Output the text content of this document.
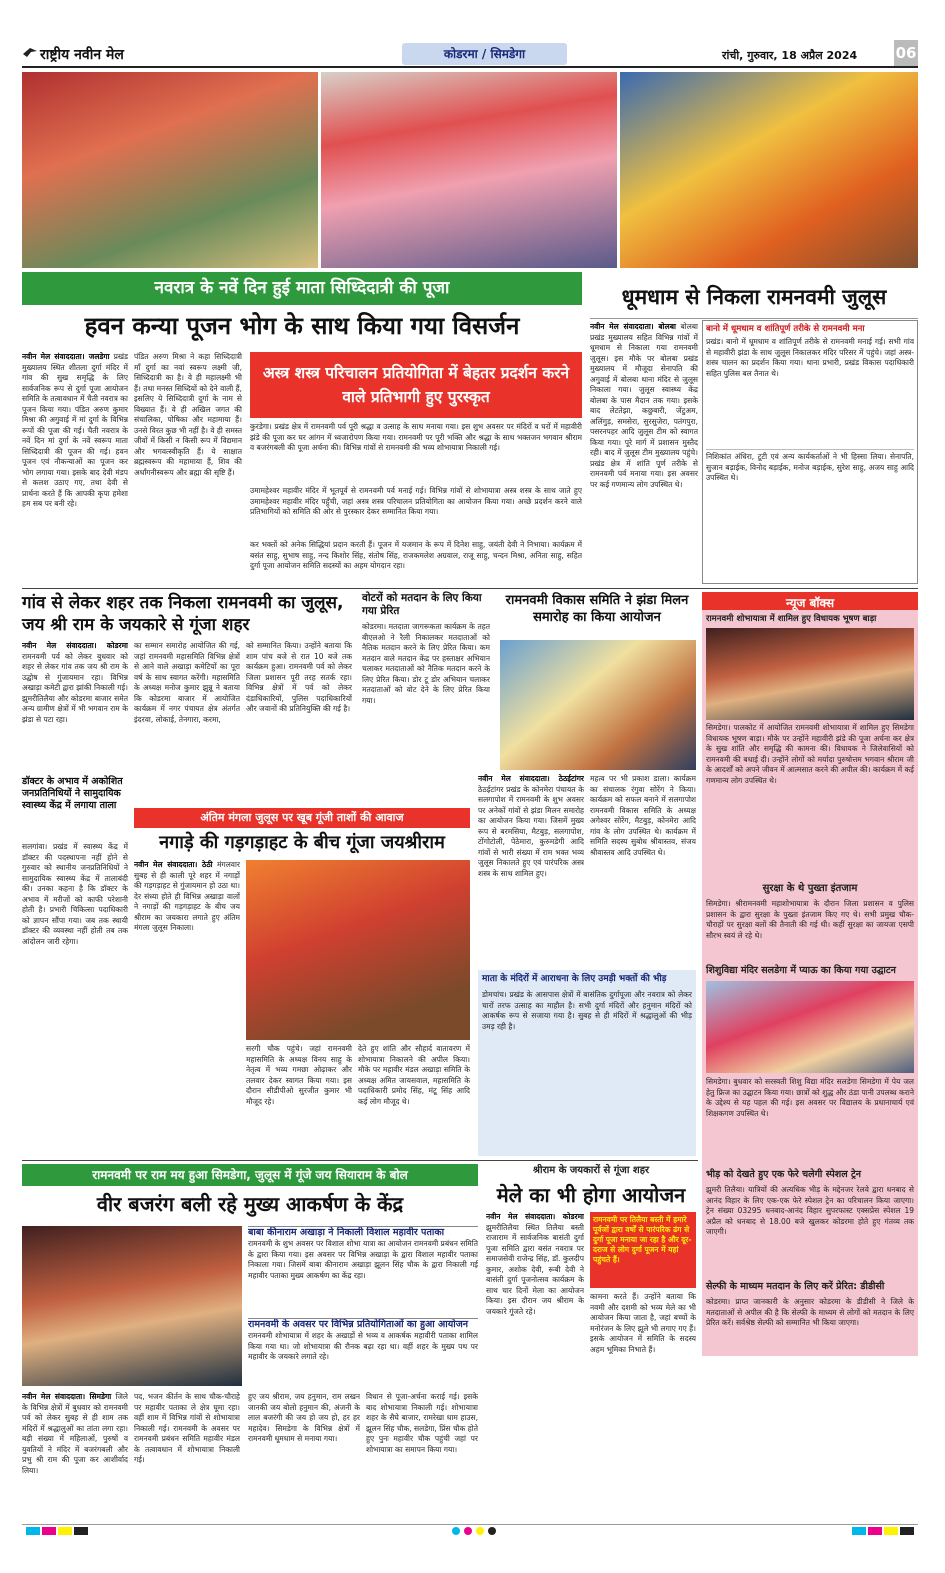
राष्ट्रीय नवीन मेल	कोडरमा / सिमडेगा	रांची, गुरुवार, 18 अप्रैल 2024	06
नवरात्र के नवें दिन हुई माता सिध्दिदात्री की पूजा
हवन कन्या पूजन भोग के साथ किया गया विसर्जन
नवीन मेल संवाददाता। जलडेगा प्रखंड मुख्यालय स्थित शीतला दुर्गा मंदिर में गांव की सुख समृद्धि के लिए सार्वजनिक रूप से दुर्गा पूजा आयोजन समिति के तत्वावधान में चैती नवरात्र का पूजन किया गया। पंडित अरुण कुमार मिश्रा की अगुवाई में मां दुर्गा के विभिन्न रूपों की पूजा की गई। चैती नवरात्र के नवें दिन मां दुर्गा के नवें स्वरूप माता सिध्दिदात्री की पूजन की गई। हवन पूजन एवं नौकन्याओं का पूजन कर भोग लगाया गया। इसके बाद देवी मंडप से कलश उठाए गए, तथा देवी से प्रार्थना करते हैं कि आपकी कृपा हमेशा हम सब पर बनी रहे।
पंडित अरुण मिश्रा ने कहा सिध्दिदात्री माँ दुर्गा का नवां स्वरूप लक्ष्मी जी, सिध्दिदात्री का है। वे ही महालक्ष्मी भी हैं। तथा मनस्त सिध्दियों को देने वाली हैं, इसलिए ये सिध्दिदात्री दुर्गा के नाम से विख्यात हैं। वे ही अखिल जगत की संचालिका, पोषिका और महामाया हैं। उनसे विरत कुछ भी नहीं है। वे ही समस्त जीवों में किसी न किसी रूप में विद्यमान और भगवत्स्वीकृति हैं। ये साक्षात ब्रह्मस्वरूप की महामाया हैं, शिव की अर्धांगनीस्वरूप और ब्रह्मा की सृष्टि हैं।
अस्त्र शस्त्र परिचालन प्रतियोगिता में बेहतर प्रदर्शन करने वाले प्रतिभागी हुए पुरस्कृत
कुरडेगा। प्रखंड क्षेत्र में रामनवमी पर्व पूरी श्रद्धा व उत्साह के साथ मनाया गया। इस शुभ अवसर पर मंदिरों व घरों में महावीरी झंडे की पूजा कर घर आंगन में ध्वजारोपण किया गया। रामनवमी पर पूरी भक्ति और श्रद्धा के साथ भक्तजन भगवान श्रीराम व बजरंगबली की पूजा अर्चना की। विभिन्न गांवों से रामनवमी की भव्य शोभायात्रा निकाली गई।
उमामहेश्वर महावीर मंदिर में भूतपूर्व से रामनवमी पर्व मनाई गई। विभिन्न गांवों से शोभायात्रा अस्त्र शस्त्र के साथ जाते हुए उमामहेश्वर महावीर मंदिर पहुँची, जहां अस्त्र शस्त्र परिचालन प्रतियोगिता का आयोजन किया गया। अच्छे प्रदर्शन करने वाले प्रतिभागियों को समिति की ओर से पुरस्कार देकर सम्मानित किया गया।
कर भक्तों को अनेक सिद्धियां प्रदान करती हैं। पूजन में यजमान के रूप में दिनेश साहु, जयंती देवी ने निभाया। कार्यक्रम में बसंत साहु, सुभाष साहु, नन्द किशोर सिंह, संतोष सिंह, राजकमलेश अग्रवाल, राजू साहु, चन्दन मिश्रा, अनिता साहु, सहित दुर्गा पूजा आयोजन समिति सदस्यों का अहम योगदान रहा।
धूमधाम से निकला रामनवमी जुलूस
नवीन मेल संवाददाता। बोलबा बोलबा प्रखंड मुख्यालय सहित विभिन्न गांवों में धूमधाम से निकाला गया रामनवमी जुलूस। इस मौके पर बोलबा प्रखंड मुख्यालय में मौजूदा सेनापति की अगुवाई में बोलबा थाना मंदिर से जुलूस निकाला गया। जुलूस स्वास्थ्य केंद्र बोलबा के पास मैदान तक गया। इसके बाद लेटतेझा, कछुबारी, जेंटुअम, अलिंगुड़, समसेरा, सुरसुजेरा, पतंगपुरा, पसरनपहर आदि जुलूस टीम को स्वागत किया गया। पूरे मार्ग में प्रशासन मुस्तैद रही। बाद में जुलूस टीम मुख्यालय पहुंचे। प्रखंड क्षेत्र में शांति पूर्ण तरीके से रामनवमी पर्व मनाया गया। इस अवसर पर कई गणमान्य लोग उपस्थित थे।
बानो में धूमधाम व शांतिपूर्ण तरीके से रामनवमी मना
प्रखंड। बानो में धूमधाम व शांतिपूर्ण तरीके से रामनवमी मनाई गई। सभी गांव से महावीरी झंडा के साथ जुलूस निकालकर मंदिर परिसर में पहुंचे। जहां अस्त्र-शस्त्र चालन का प्रदर्शन किया गया। थाना प्रभारी, प्रखंड विकास पदाधिकारी सहित पुलिस बल तैनात थे।
निशिकांत अंधिरा, टूटी एवं अन्य कार्यकर्ताओं ने भी हिस्सा लिया। सेनापति, सुजान बड़ाईक, विनोद बड़ाईक, मनोज बड़ाईक, सुरेश साहु, अजय साहु आदि उपस्थित थे।
गांव से लेकर शहर तक निकला रामनवमी का जुलूस, जय श्री राम के जयकारे से गूंजा शहर
नवीन मेल संवाददाता। कोडरमा रामनवमी पर्व को लेकर बुधवार को शहर से लेकर गांव तक जय श्री राम के उद्घोष से गुंजायमान रहा। विभिन्न अखाड़ा कमेटी द्वारा झांकी निकाली गई। झुमरीतिलैया और कोडरमा बाजार समेत अन्य ग्रामीण क्षेत्रों में भी भगवान राम के झंडा से पटा रहा।
का सम्मान समारोह आयोजित की गई, जहां रामनवमी महासमिति विभिन्न क्षेत्रों से आने वाले अखाड़ा कमेटियों का पूरा वर्ष के साथ स्वागत करेंगी। महासमिति के अध्यक्ष मनोज कुमार झुन्नू ने बताया कि कोडरमा बाजार में आयोजित कार्यक्रम में नगर पंचायत क्षेत्र अंतर्गत इंदरवा, लोकाई, तेनगारा, करमा,
को सम्मानित किया। उन्होंने बताया कि शाम पांच बजे से रात 10 बजे तक कार्यक्रम हुआ। रामनवमी पर्व को लेकर जिला प्रशासन पूरी तरह सतर्क रहा। विभिन्न क्षेत्रों में पर्व को लेकर दंडाधिकारियों, पुलिस पदाधिकारियों और जवानों की प्रतिनियुक्ति की गई है।
वोटरों को मतदान के लिए किया गया प्रेरित
कोडरमा। मतदाता जागरूकता कार्यक्रम के तहत बीएलओ ने रैली निकालकर मतदाताओं को नैतिक मतदान करने के लिए प्रेरित किया। कम मतदान वाले मतदान केंद्र पर हस्ताक्षर अभियान चलाकर मतदाताओं को नैतिक मतदान करने के लिए प्रेरित किया। डोर टू डोर अभियान चलाकर मतदाताओं को वोट देने के लिए प्रेरित किया गया।
रामनवमी विकास समिति ने झंडा मिलन समारोह का किया आयोजन
नवीन मेल संवाददाता। ठेठईटांगर ठेठईटांगर प्रखंड के कोनमेरा पंचायत के सलगापोश में रामनवमी के शुभ अवसर पर अनेकों गांवों से झंडा मिलन समारोह का आयोजन किया गया। जिसमें मुख्य रूप से बरमसिया, मैटबुड़, सलगापोश, टोंगोटोली, पेठेमारा, कुरुमडेगी आदि गांवों से भारी संख्या में राम भक्त भव्य जुलूस निकालते हुए एवं पारंपरिक अस्त्र शस्त्र के साथ शामिल हुए।
महत्व पर भी प्रकाश डाला। कार्यक्रम का संचालक रंगुवा सोरेंग ने किया। कार्यक्रम को सफल बनाने में सलगापोश रामनवमी विकास समिति के अध्यक्ष अगेश्वर सोरेंग, मैटबुड़, कोनमेरा आदि गांव के लोग उपस्थित थे। कार्यक्रम में समिति सदस्य सुबोध श्रीवास्तव, संजय श्रीवास्तव आदि उपस्थित थे।
न्यूज बॉक्स
रामनवमी शोभायात्रा में शामिल हुए विधायक भूषण बाड़ा
सिमडेगा। पालकोट में आयोजित रामनवमी शोभायात्रा में शामिल हुए सिमडेगा विधायक भूषण बाड़ा। मौके पर उन्होंने महावीरी झंडे की पूजा अर्चना कर क्षेत्र के सुख शांति और समृद्धि की कामना की। विधायक ने जिलेवासियों को रामनवमी की बधाई दी। उन्होंने लोगों को मर्यादा पुरुषोत्तम भगवान श्रीराम जी के आदर्शों को अपने जीवन में आत्मसात करने की अपील की। कार्यक्रम में कई गणमान्य लोग उपस्थित थे।
सुरक्षा के थे पुख्ता इंतजाम
सिमडेगा। श्रीरामनवमी महाशोभायात्रा के दौरान जिला प्रशासन व पुलिस प्रशासन के द्वारा सुरक्षा के पुख्ता इंतजाम किए गए थे। सभी प्रमुख चौक-चौराहों पर सुरक्षा बलों की तैनाती की गई थी। कहीं सुरक्षा का जायजा एसपी सौरभ स्वयं ले रहे थे।
शिशुविद्या मंदिर सलडेगा में प्याऊ का किया गया उद्घाटन
सिमडेगा। बुधवार को सरस्वती शिशु विद्या मंदिर सलडेगा सिमडेगा में पेय जल हेतु फ्रिज का उद्घाटन किया गया। छात्रों को शुद्ध और ठंडा पानी उपलब्ध कराने के उद्देश्य से यह पहल की गई। इस अवसर पर विद्यालय के प्रधानाचार्य एवं शिक्षकगण उपस्थित थे।
भीड़ को देखते हुए एक फेरे चलेगी स्पेशल ट्रेन
झुमरी तिलैया। यात्रियों की अत्यधिक भीड़ के मद्देनजर रेलवे द्वारा धनबाद से आनंद विहार के लिए एक-एक फेरे स्पेशल ट्रेन का परिचालन किया जाएगा। ट्रेन संख्या 03295 धनबाद-आनंद विहार सुपरफास्ट एक्सप्रेस स्पेशल 19 अप्रैल को धनबाद से 18.00 बजे खुलकर कोडरमा होते हुए गंतव्य तक जाएगी।
सेल्फी के माध्यम मतदान के लिए करें प्रेरित: डीडीसी
कोडरमा। प्राप्त जानकारी के अनुसार कोडरमा के डीडीसी ने जिले के मतदाताओं से अपील की है कि सेल्फी के माध्यम से लोगों को मतदान के लिए प्रेरित करें। सर्वश्रेष्ठ सेल्फी को सम्मानित भी किया जाएगा।
डॉक्टर के अभाव में अकोशित जनप्रतिनिधियों ने सामुदायिक स्वास्थ्य केंद्र में लगाया ताला
सलगांवा। प्रखंड में स्वास्थ्य केंद्र में डॉक्टर की पदस्थापना नहीं होने से गुरुवार को स्थानीय जनप्रतिनिधियों ने सामुदायिक स्वास्थ्य केंद्र में तालाबंदी की। उनका कहना है कि डॉक्टर के अभाव में मरीजों को काफी परेशानी होती है। प्रभारी चिकित्सा पदाधिकारी को ज्ञापन सौंपा गया। जब तक स्थायी डॉक्टर की व्यवस्था नहीं होती तब तक आंदोलन जारी रहेगा।
अंतिम मंगला जुलूस पर खूब गूंजी ताशों की आवाज
नगाड़े की गड़गड़ाहट के बीच गूंजा जयश्रीराम
नवीन मेल संवाददाता। ठेठी मंगलवार सुबह से ही काली पूरे शहर में नगाड़ों की गड़गड़ाहट से गुंजायमान हो उठा था। देर संध्या होते ही विभिन्न अखाड़ा वालों ने नगाड़ों की गड़गड़ाहट के बीच जय श्रीराम का जयकारा लगाते हुए अंतिम मंगला जुलूस निकाला।
सरगी चौक पहुंचे। जहां रामनवमी महासमिति के अध्यक्ष विनय साहु के नेतृत्व में भव्य गमछा ओढ़ाकर और तलवार देकर स्वागत किया गया। इस दौरान सीडीपीओ सुरजीत कुमार भी मौजूद रहे।
देते हुए शांति और सौहार्द वातावरण में शोभायात्रा निकालने की अपील किया। मौके पर महावीर मंडल अखाड़ा समिति के अध्यक्ष अमित जायसवाल, महासमिति के पदाधिकारी प्रमोद सिंह, मंटू सिंह आदि कई लोग मौजूद थे।
माता के मंदिरों में आराधना के लिए उमड़ी भक्तों की भीड़
डोमचांच। प्रखंड के आसपास क्षेत्रों में बासंतिक दुर्गापूजा और नवरात्र को लेकर चारों तरफ उत्साह का माहौल है। सभी दुर्गा मंदिरों और हनुमान मंदिरों को आकर्षक रूप से सजाया गया है। सुबह से ही मंदिरों में श्रद्धालुओं की भीड़ उमड़ रही है।
रामनवमी पर राम मय हुआ सिमडेगा, जुलूस में गूंजे जय सियाराम के बोल
वीर बजरंग बली रहे मुख्य आकर्षण के केंद्र
बाबा कीनाराम अखाड़ा ने निकाली विशाल महावीर पताका
रामनवमी के शुभ अवसर पर विशाल शोभा यात्रा का आयोजन रामनवमी प्रबंधन समिति के द्वारा किया गया। इस अवसर पर विभिन्न अखाड़ा के द्वारा विशाल महावीर पताका निकाला गया। जिसमें बाबा कीनाराम अखाड़ा झूलन सिंह चौक के द्वारा निकाली गई महावीर पताका मुख्य आकर्षण का केंद्र रहा।
रामनवमी के अवसर पर विभिन्न प्रतियोगिताओं का हुआ आयोजन
रामनवमी शोभायात्रा में शहर के अखाड़ों से भव्य व आकर्षक महावीरी पताका शामिल किया गया था। जो शोभायात्रा की रौनक बढ़ा रहा था। वहीं शहर के मुख्य पथ पर महावीर के जयकारे लगाते रहे।
नवीन मेल संवाददाता। सिमडेगा जिले के विभिन्न क्षेत्रों में बुधवार को रामनवमी पर्व को लेकर सुबह से ही शाम तक मंदिरों में श्रद्धालुओं का तांता लगा रहा। बड़ी संख्या में महिलाओं, पुरुषों व युवतियों ने मंदिर में बजरंगबली और प्रभु श्री राम की पूजा कर आशीर्वाद लिया।
पद, भजन कीर्तन के साथ चौक-चौराहे पर महावीर पताका ले क्षेत्र घूमा रहा। वहीं शाम में विभिन्न गांवों से शोभायात्रा निकाली गई। रामनवमी के अवसर पर रामनवमी प्रबंधन समिति महावीर मंडल के तत्वावधान में शोभायात्रा निकाली गई।
हुए जय श्रीराम, जय हनुमान, राम लखन जानकी जय बोलो हनुमान की, अंजनी के लाल बजरंगी की जय हो जय हो, हर हर महादेव। सिमडेगा के विभिन्न क्षेत्रों में रामनवमी धूमधाम से मनाया गया।
विधान से पूजा-अर्चना कराई गई। इसके बाद शोभायात्रा निकाली गई। शोभायात्रा शहर के सैघे बाजार, रामरेखा धाम हाउस, झूलन सिंह चौक, सलडेगा, प्रिंस चौक होते हुए पुनः महावीर चौक पहुंची जहां पर शोभायात्रा का समापन किया गया।
श्रीराम के जयकारों से गूंजा शहर
मेले का भी होगा आयोजन
नवीन मेल संवाददाता। कोडरमा झुमरीतिलैया स्थित तिलैया बस्ती राजाराम में सार्वजनिक बासंती दुर्गा पूजा समिति द्वारा बसंत नवरात्र पर समाजसेवी राजेन्द्र सिंह, डॉ. कुलदीप कुमार, अशोक देवी, रूबी देवी ने बासंती दुर्गा पूजनोत्सव कार्यक्रम के साथ चार दिनों मेला का आयोजन किया। इस दौरान जय श्रीराम के जयकारे गूंजते रहे।
रामनवमी पर तिलैया बस्ती में हमारे पूर्वजों द्वारा वर्षों से पारंपरिक ढंग से दुर्गा पूजा मनाया जा रहा है और दूर-दराज से लोग दुर्गा पूजन में यहां पहुंचते हैं।
कामना करते हैं। उन्होंने बताया कि नवमी और दशमी को भव्य मेले का भी आयोजन किया जाता है, जहां बच्चों के मनोरंजन के लिए झूले भी लगाए गए हैं। इसके आयोजन में समिति के सदस्य अहम भूमिका निभाते हैं।
